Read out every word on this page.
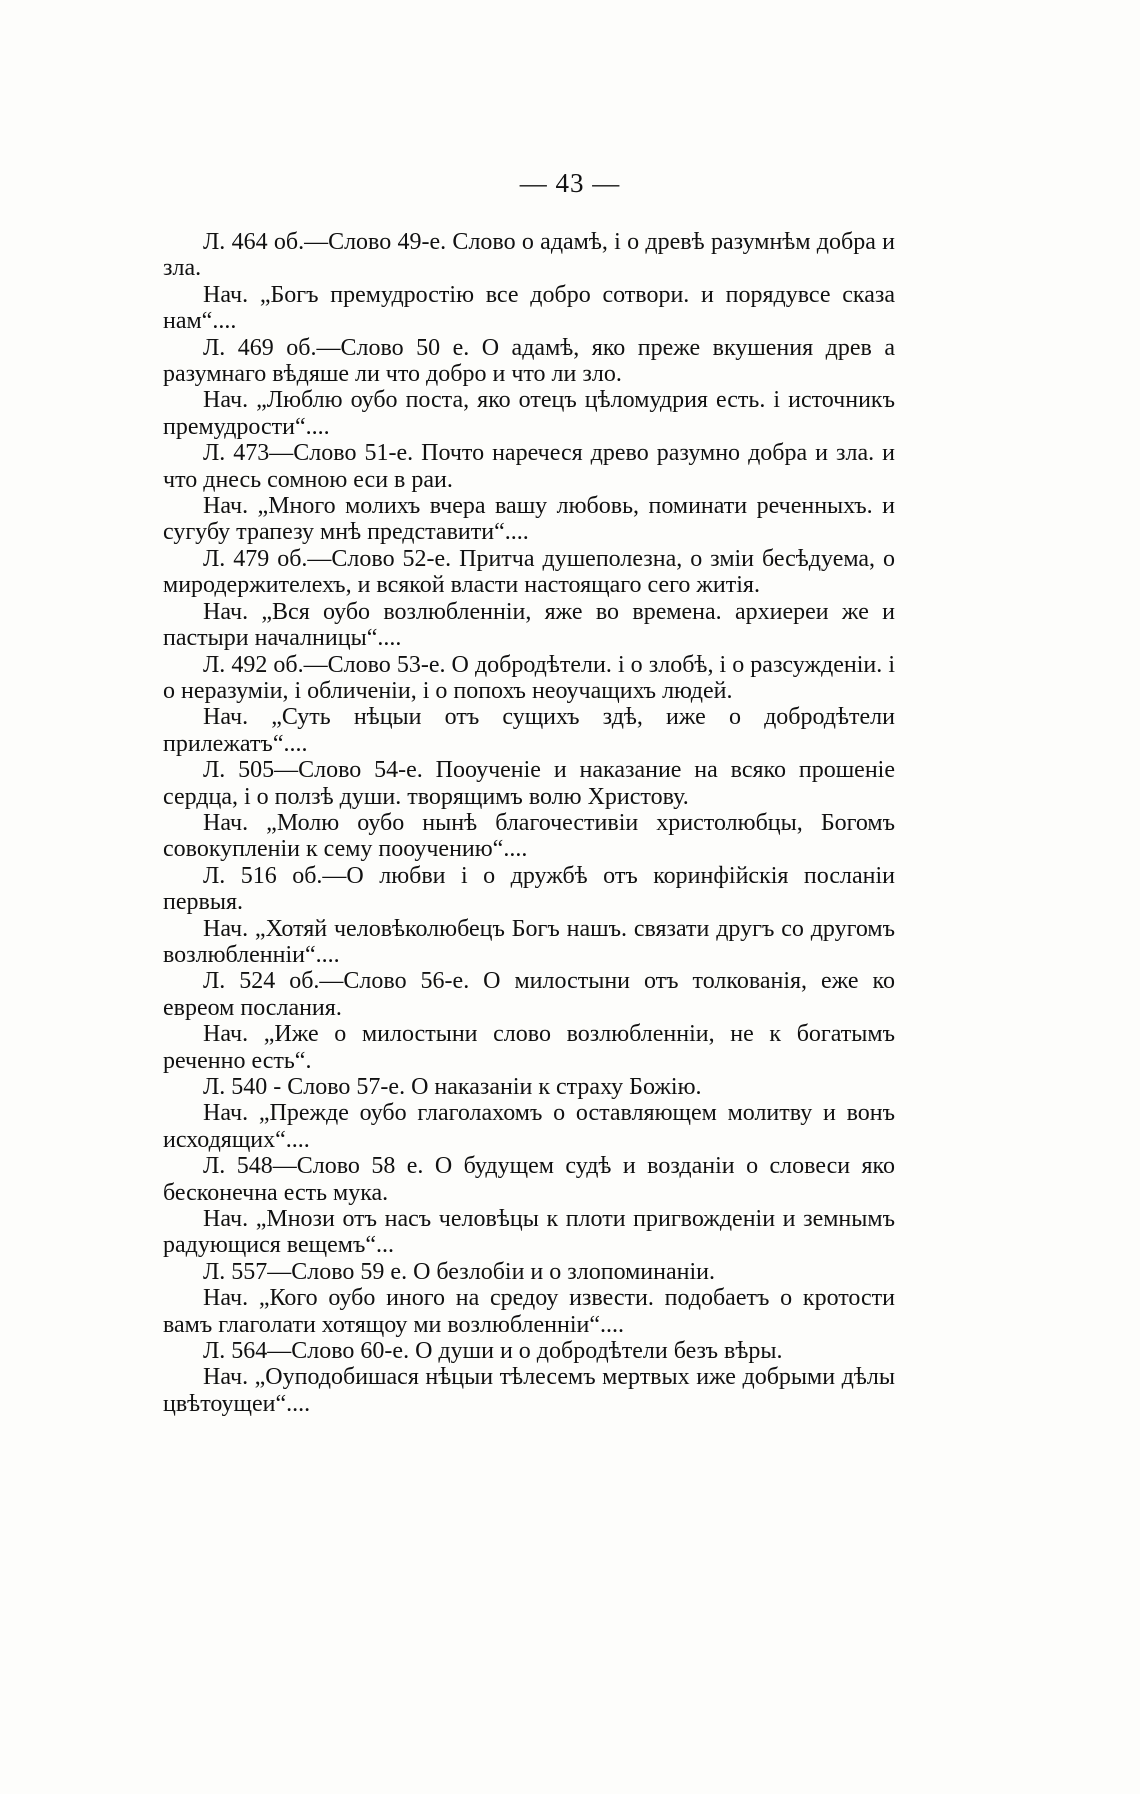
— 43 —

Л. 464 об.—Слово 49-е. Слово о адамѣ, і о древѣ разумнѣм добра и зла.

Нач. „Богъ премудростію все добро сотвори. и порядувсе сказа нам“....

Л. 469 об.—Слово 50 е. О адамѣ, яко преже вкушения древ а разумнаго вѣдяше ли что добро и что ли зло.

Нач. „Люблю оубо поста, яко отецъ цѣломудрия есть. і источникъ премудрости“....

Л. 473—Слово 51-е. Почто наречеся древо разумно добра и зла. и что днесь сомною еси в раи.

Нач. „Много молихъ вчера вашу любовь, поминати реченныхъ. и сугубу трапезу мнѣ представити“....

Л. 479 об.—Слово 52-е. Притча душеполезна, о зміи бесѣдуема, о миродержителехъ, и всякой власти настоящаго сего житія.

Нач. „Вся оубо возлюбленніи, яже во времена. архиереи же и пастыри началницы“....

Л. 492 об.—Слово 53-е. О добродѣтели. і о злобѣ, і о разсужденіи. і о неразуміи, і обличеніи, і о попохъ неоучащихъ людей.

Нач. „Суть нѣцыи отъ сущихъ здѣ, иже о добродѣтели прилежатъ“....

Л. 505—Слово 54-е. Пооученіе и наказание на всяко прошеніе сердца, і о ползѣ души. творящимъ волю Христову.

Нач. „Молю оубо нынѣ благочестивіи христолюбцы, Богомъ совокупленіи к сему пооучению“....

Л. 516 об.—О любви і о дружбѣ отъ коринфійскія посланіи первыя.

Нач. „Хотяй человѣколюбецъ Богъ нашъ. связати другъ со другомъ возлюбленніи“....

Л. 524 об.—Слово 56-е. О милостыни отъ толкованія, еже ко евреом послания.

Нач. „Иже о милостыни слово возлюбленніи, не к богатымъ реченно есть“.

Л. 540 - Слово 57-е. О наказаніи к страху Божію.

Нач. „Прежде оубо глаголахомъ о оставляющем молитву и вонъ исходящих“....

Л. 548—Слово 58 е. О будущем судѣ и возданіи о словеси яко бесконечна есть мука.

Нач. „Мнози отъ насъ человѣцы к плоти пригвожденіи и земнымъ радующися вещемъ“...

Л. 557—Слово 59 е. О безлобіи и о злопоминаніи.

Нач. „Кого оубо иного на средоу извести. подобаетъ о кротости вамъ глаголати хотящоу ми возлюбленніи“....

Л. 564—Слово 60-е. О души и о добродѣтели безъ вѣры.

Нач. „Оуподобишася нѣцыи тѣлесемъ мертвых иже добрыми дѣлы цвѣтоущеи“....
